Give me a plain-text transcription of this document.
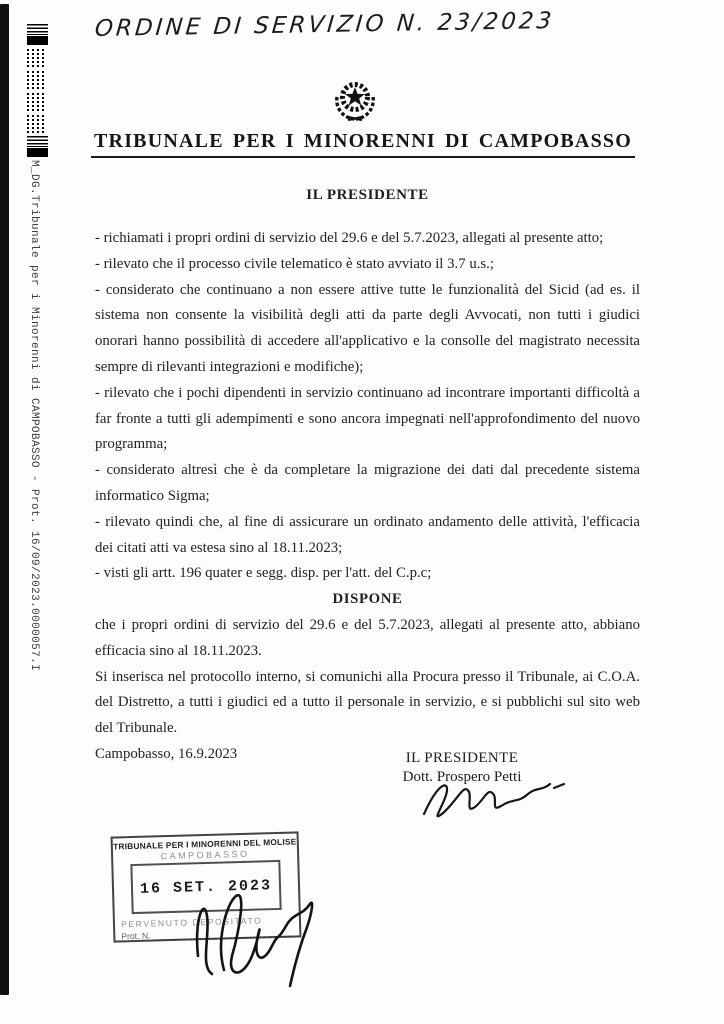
M_DG.Tribunale per i Minorenni di CAMPOBASSO - Prot. 16/09/2023.0000057.I
ORDINE DI SERVIZIO N. 23/2023
TRIBUNALE PER I MINORENNI DI CAMPOBASSO
IL PRESIDENTE

- richiamati i propri ordini di servizio del 29.6 e del 5.7.2023, allegati al presente atto;

- rilevato che il processo civile telematico è stato avviato il 3.7 u.s.;

- considerato che continuano a non essere attive tutte le funzionalità del Sicid (ad es. il sistema non consente la visibilità degli atti da parte degli Avvocati, non tutti i giudici onorari hanno possibilità di accedere all'applicativo e la consolle del magistrato necessita sempre di rilevanti integrazioni e modifiche);

- rilevato che i pochi dipendenti in servizio continuano ad incontrare importanti difficoltà a far fronte a tutti gli adempimenti e sono ancora impegnati nell'approfondimento del nuovo programma;

- considerato altresì che è da completare la migrazione dei dati dal precedente sistema informatico Sigma;

- rilevato quindi che, al fine di assicurare un ordinato andamento delle attività, l'efficacia dei citati atti va estesa sino al 18.11.2023;

- visti gli artt. 196 quater e segg. disp. per l'att. del C.p.c;

DISPONE

che i propri ordini di servizio del 29.6 e del 5.7.2023, allegati al presente atto, abbiano efficacia sino al 18.11.2023.

Si inserisca nel protocollo interno, si comunichi alla Procura presso il Tribunale, ai C.O.A. del Distretto, a tutti i giudici ed a tutto il personale in servizio, e si pubblichi sul sito web del Tribunale.

Campobasso, 16.9.2023	IL PRESIDENTE
Dott. Prospero Petti
TRIBUNALE PER I MINORENNI DEL MOLISE
CAMPOBASSO
16 SET. 2023
PERVENUTO DEPOSITATO
Prot. N.
